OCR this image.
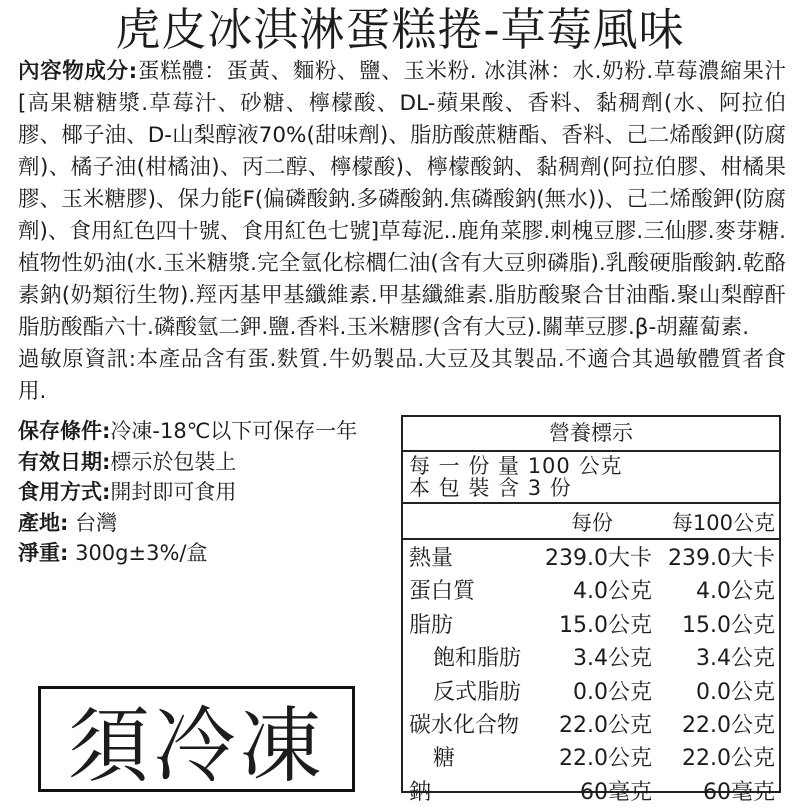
虎皮冰淇淋蛋糕捲-草莓風味

內容物成分:蛋糕體：蛋黃、麵粉、鹽、玉米粉. 冰淇淋：水.奶粉.草莓濃縮果汁[高果糖糖漿.草莓汁、砂糖、檸檬酸、DL-蘋果酸、香料、黏稠劑(水、阿拉伯膠、椰子油、D-山梨醇液70%(甜味劑)、脂肪酸蔗糖酯、香料、己二烯酸鉀(防腐劑)、橘子油(柑橘油)、丙二醇、檸檬酸)、檸檬酸鈉、黏稠劑(阿拉伯膠、柑橘果膠、玉米糖膠)、保力能F(偏磷酸鈉.多磷酸鈉.焦磷酸鈉(無水))、己二烯酸鉀(防腐劑)、食用紅色四十號、食用紅色七號]草莓泥..鹿角菜膠.刺槐豆膠.三仙膠.麥芽糖.植物性奶油(水.玉米糖漿.完全氫化棕櫚仁油(含有大豆卵磷脂).乳酸硬脂酸鈉.乾酪素鈉(奶類衍生物).羥丙基甲基纖維素.甲基纖維素.脂肪酸聚合甘油酯.聚山梨醇酐脂肪酸酯六十.磷酸氫二鉀.鹽.香料.玉米糖膠(含有大豆).關華豆膠.β-胡蘿蔔素.

過敏原資訊:本產品含有蛋.麩質.牛奶製品.大豆及其製品.不適合其過敏體質者食用.

保存條件:冷凍-18℃以下可保存一年
有效日期:標示於包裝上
食用方式:開封即可食用
產地: 台灣
淨重: 300g±3%/盒
須冷凍
營養標示
每 一 份 量 100 公克
本 包 裝 含 3 份
每份	每100公克
熱量	239.0大卡 239.0大卡
蛋白質	4.0公克 4.0公克
脂肪	15.0公克 15.0公克
飽和脂肪 3.4公克 3.4公克
反式脂肪 0.0公克 0.0公克
碳水化合物 22.0公克 22.0公克
糖	22.0公克 22.0公克
鈉	60毫克 60毫克
